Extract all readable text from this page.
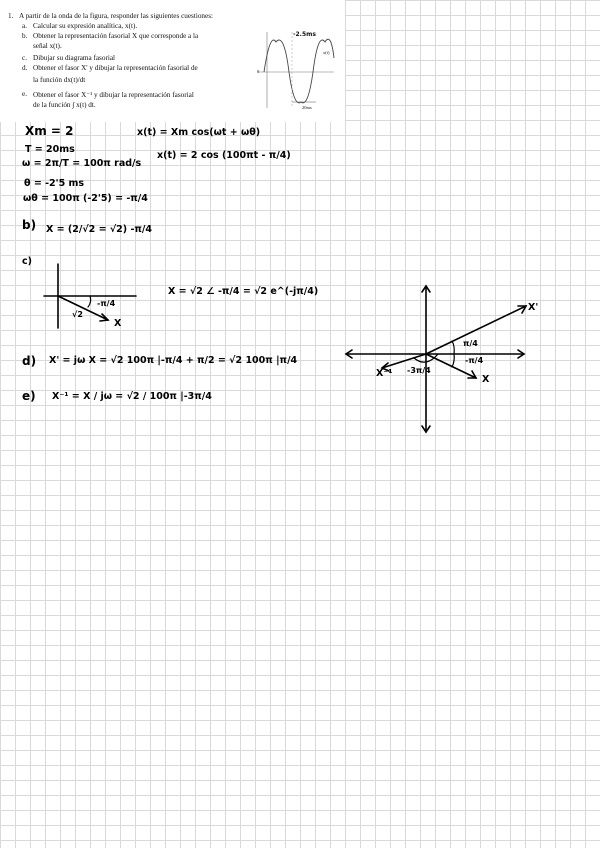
1. A partir de la onda de la figura, responder las siguientes cuestiones:
a. Calcular su expresión analítica, x(t).
b. Obtener la representación fasorial X que corresponde a la
señal x(t).
c. Dibujar su diagrama fasorial
d. Obtener el fasor X' y dibujar la representación fasorial de
la función dx(t)/dt
e. Obtener el fasor X⁻¹ y dibujar la representación fasorial
de la función ∫ x(t) dt.
-2.5ms
x(t)
0
20ms
Xm = 2
T = 20ms
ω = 2π/T = 100π rad/s
θ = -2'5 ms
ωθ = 100π (-2'5) = -π/4
x(t) = Xm cos(ωt + ωθ)
x(t) = 2 cos (100πt - π/4)
b) X = (2/√2 = √2) -π/4
c)
-π/4
√2
X
X = √2 ∠ -π/4 = √2 e^(-jπ/4)
d) X' = jω X = √2 100π |-π/4 + π/2 = √2 100π |π/4
e) X⁻¹ = X / jω = √2 / 100π |-3π/4
X'
π/4
-π/4
X
X⁻¹ -3π/4
